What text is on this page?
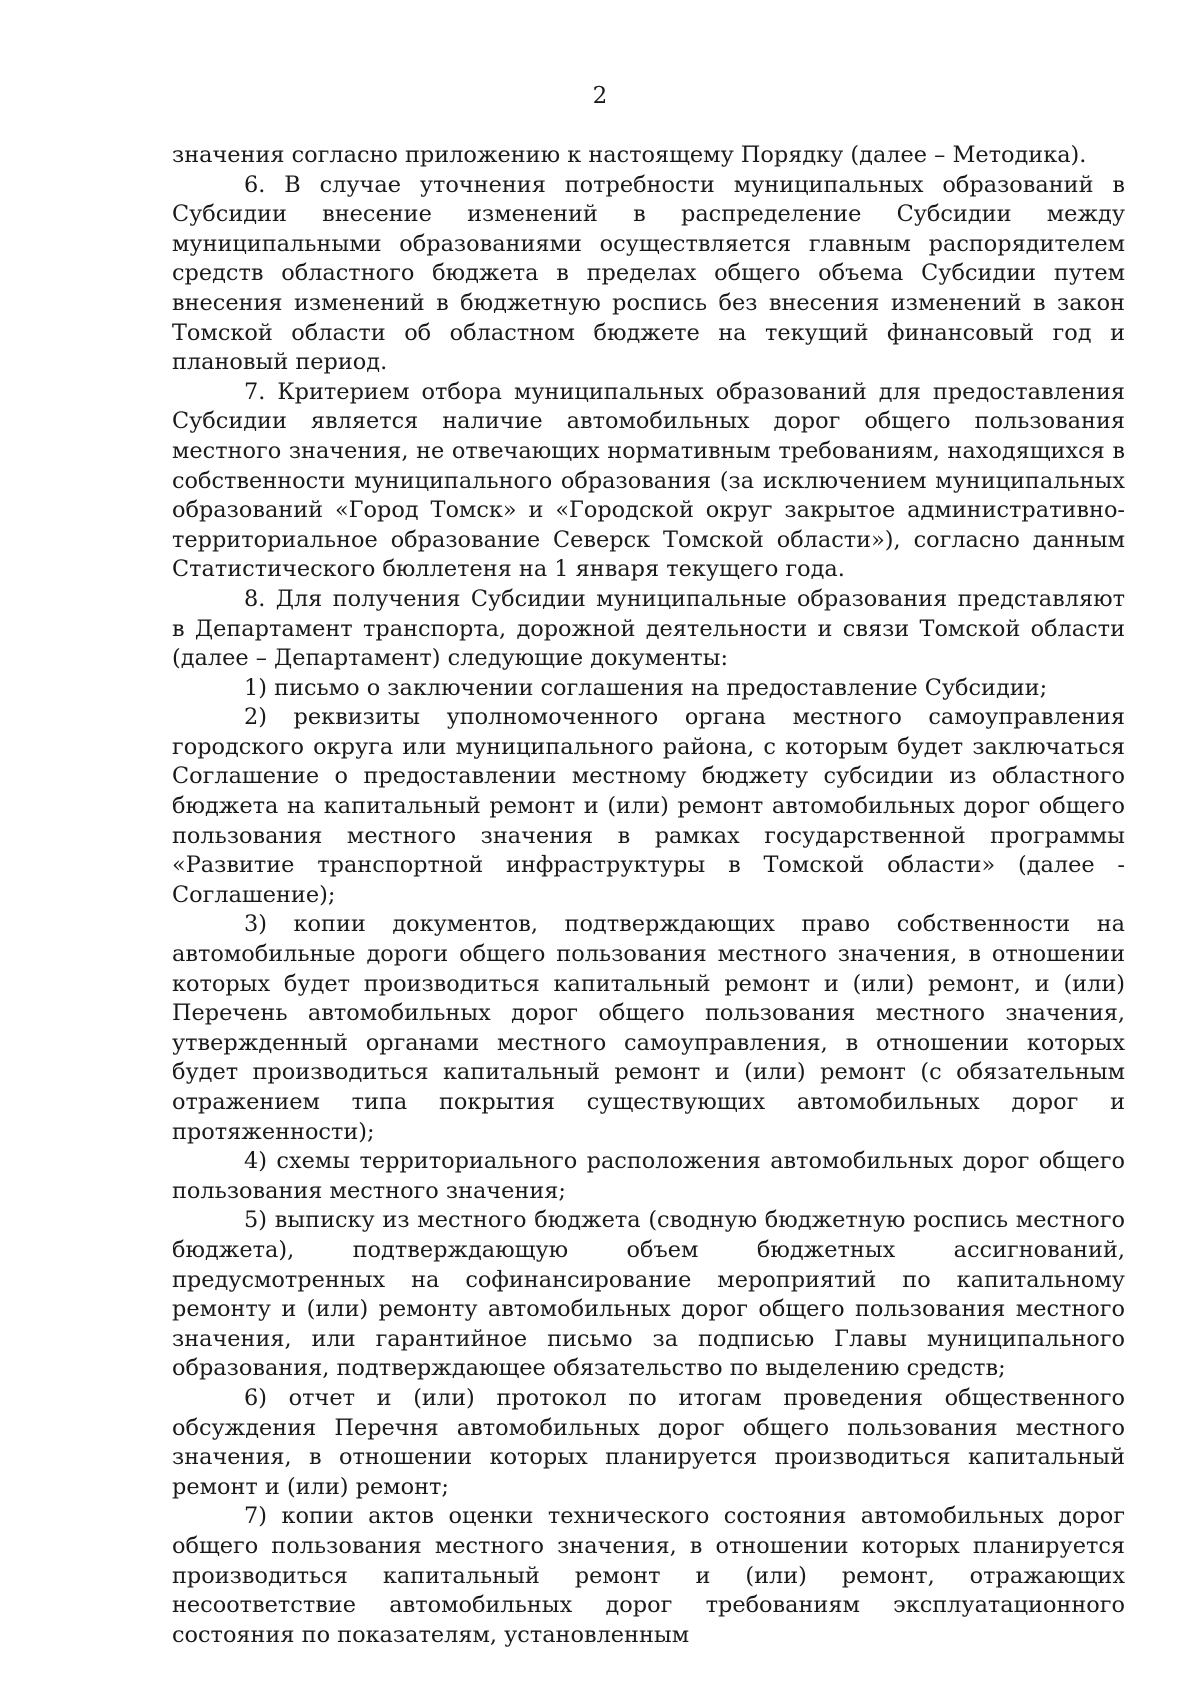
2

значения согласно приложению к настоящему Порядку (далее – Методика).

6. В случае уточнения потребности муниципальных образований в Субсидии внесение изменений в распределение Субсидии между муниципальными образованиями осуществляется главным распорядителем средств областного бюджета в пределах общего объема Субсидии путем внесения изменений в бюджетную роспись без внесения изменений в закон Томской области об областном бюджете на текущий финансовый год и плановый период.

7. Критерием отбора муниципальных образований для предоставления Субсидии является наличие автомобильных дорог общего пользования местного значения, не отвечающих нормативным требованиям, находящихся в собственности муниципального образования (за исключением муниципальных образований «Город Томск» и «Городской округ закрытое административно-территориальное образование Северск Томской области»), согласно данным Статистического бюллетеня на 1 января текущего года.

8. Для получения Субсидии муниципальные образования представляют в Департамент транспорта, дорожной деятельности и связи Томской области (далее – Департамент) следующие документы:

1) письмо о заключении соглашения на предоставление Субсидии;

2) реквизиты уполномоченного органа местного самоуправления городского округа или муниципального района, с которым будет заключаться Соглашение о предоставлении местному бюджету субсидии из областного бюджета на капитальный ремонт и (или) ремонт автомобильных дорог общего пользования местного значения в рамках государственной программы «Развитие транспортной инфраструктуры в Томской области» (далее - Соглашение);

3) копии документов, подтверждающих право собственности на автомобильные дороги общего пользования местного значения, в отношении которых будет производиться капитальный ремонт и (или) ремонт, и (или) Перечень автомобильных дорог общего пользования местного значения, утвержденный органами местного самоуправления, в отношении которых будет производиться капитальный ремонт и (или) ремонт (с обязательным отражением типа покрытия существующих автомобильных дорог и протяженности);

4) схемы территориального расположения автомобильных дорог общего пользования местного значения;

5) выписку из местного бюджета (сводную бюджетную роспись местного бюджета), подтверждающую объем бюджетных ассигнований, предусмотренных на софинансирование мероприятий по капитальному ремонту и (или) ремонту автомобильных дорог общего пользования местного значения, или гарантийное письмо за подписью Главы муниципального образования, подтверждающее обязательство по выделению средств;

6) отчет и (или) протокол по итогам проведения общественного обсуждения Перечня автомобильных дорог общего пользования местного значения, в отношении которых планируется производиться капитальный ремонт и (или) ремонт;

7) копии актов оценки технического состояния автомобильных дорог общего пользования местного значения, в отношении которых планируется производиться капитальный ремонт и (или) ремонт, отражающих несоответствие автомобильных дорог требованиям эксплуатационного состояния по показателям, установленным
